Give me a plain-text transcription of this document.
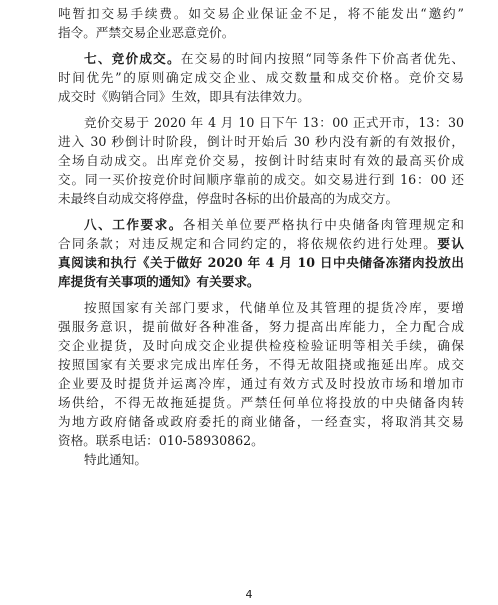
吨暂扣交易手续费。如交易企业保证金不足，将不能发出“邀约”
指令。严禁交易企业恶意竞价。
七、竞价成交。在交易的时间内按照“同等条件下价高者优先、
时间优先”的原则确定成交企业、成交数量和成交价格。竞价交易
成交时《购销合同》生效，即具有法律效力。
竞价交易于 2020 年 4 月 10 日下午 13：00 正式开市，13：30
进入 30 秒倒计时阶段，倒计时开始后 30 秒内没有新的有效报价，
全场自动成交。出库竞价交易，按倒计时结束时有效的最高买价成
交。同一买价按竞价时间顺序靠前的成交。如交易进行到 16：00 还
未最终自动成交将停盘，停盘时各标的出价最高的为成交方。
八、工作要求。各相关单位要严格执行中央储备肉管理规定和
合同条款；对违反规定和合同约定的，将依规依约进行处理。要认
真阅读和执行《关于做好 2020 年 4 月 10 日中央储备冻猪肉投放出
库提货有关事项的通知》有关要求。
按照国家有关部门要求，代储单位及其管理的提货冷库，要增
强服务意识，提前做好各种准备，努力提高出库能力，全力配合成
交企业提货，及时向成交企业提供检疫检验证明等相关手续，确保
按照国家有关要求完成出库任务，不得无故阻挠或拖延出库。成交
企业要及时提货并运离冷库，通过有效方式及时投放市场和增加市
场供给，不得无故拖延提货。严禁任何单位将投放的中央储备肉转
为地方政府储备或政府委托的商业储备，一经查实，将取消其交易
资格。联系电话：010-58930862。
特此通知。
4
